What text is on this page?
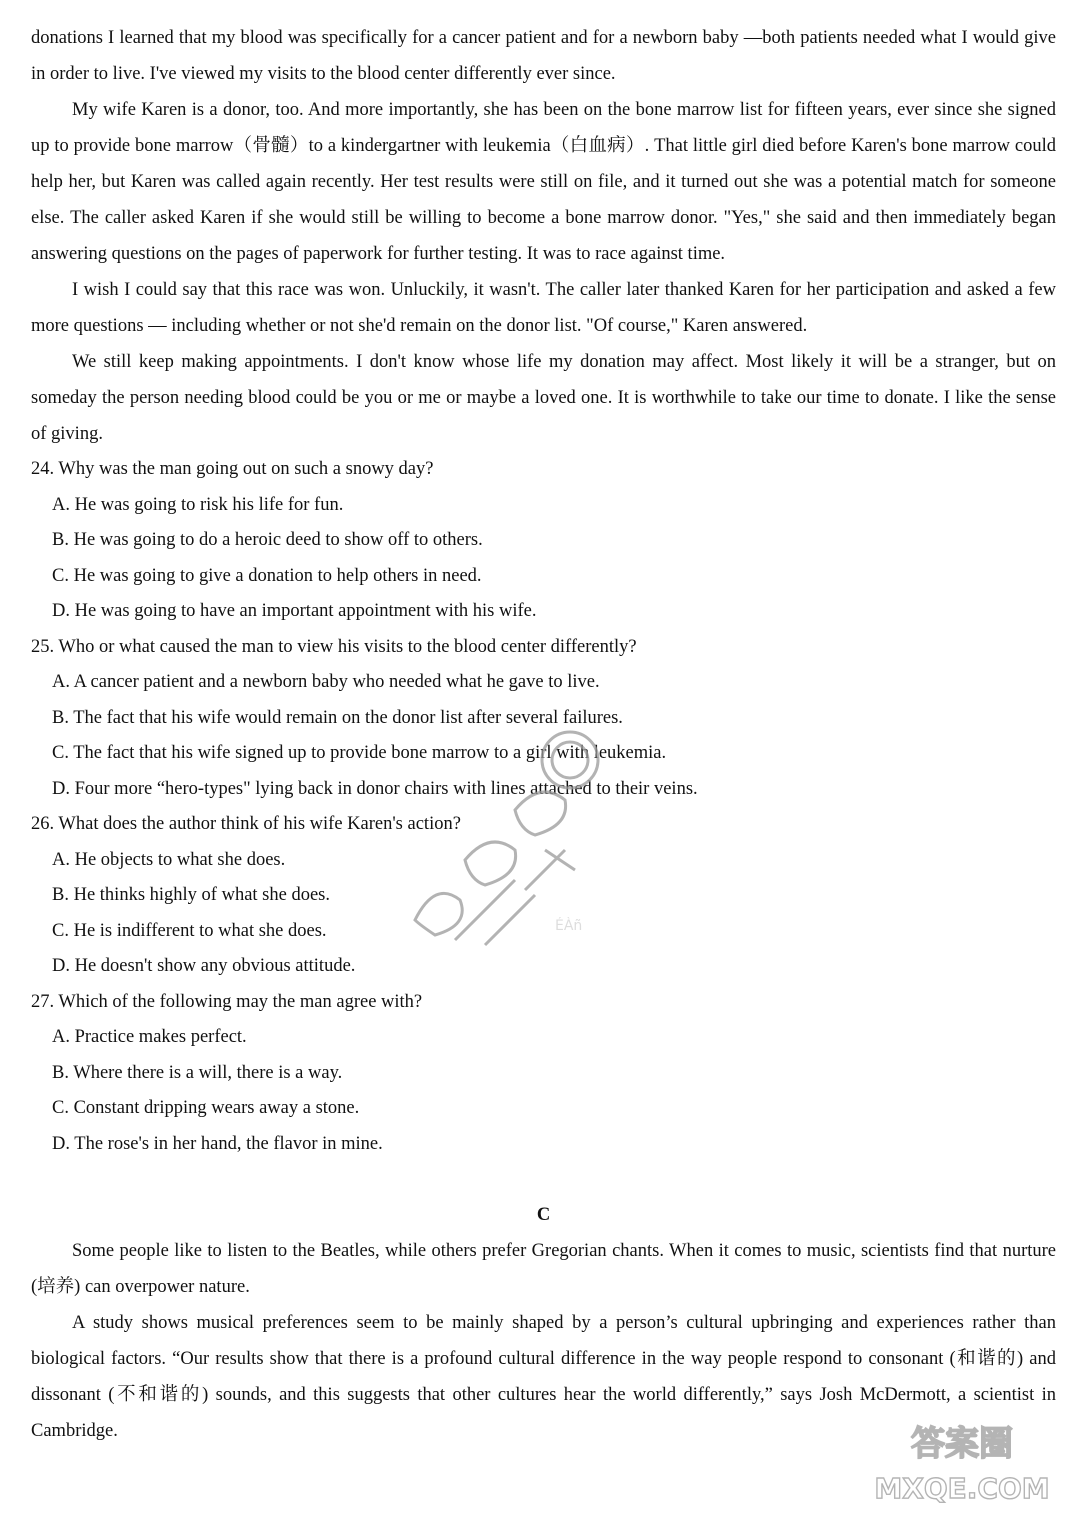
donations I learned that my blood was specifically for a cancer patient and for a newborn baby —both patients needed what I would give in order to live. I've viewed my visits to the blood center differently ever since.

My wife Karen is a donor, too. And more importantly, she has been on the bone marrow list for fifteen years, ever since she signed up to provide bone marrow（骨髓）to a kindergartner with leukemia（白血病）. That little girl died before Karen's bone marrow could help her, but Karen was called again recently. Her test results were still on file, and it turned out she was a potential match for someone else. The caller asked Karen if she would still be willing to become a bone marrow donor. "Yes," she said and then immediately began answering questions on the pages of paperwork for further testing. It was to race against time.

I wish I could say that this race was won. Unluckily, it wasn't. The caller later thanked Karen for her participation and asked a few more questions — including whether or not she'd remain on the donor list. "Of course," Karen answered.

We still keep making appointments. I don't know whose life my donation may affect. Most likely it will be a stranger, but on someday the person needing blood could be you or me or maybe a loved one. It is worthwhile to take our time to donate. I like the sense of giving.

24. Why was the man going out on such a snowy day?

A. He was going to risk his life for fun.

B. He was going to do a heroic deed to show off to others.

C. He was going to give a donation to help others in need.

D. He was going to have an important appointment with his wife.

25. Who or what caused the man to view his visits to the blood center differently?

A. A cancer patient and a newborn baby who needed what he gave to live.

B. The fact that his wife would remain on the donor list after several failures.

C. The fact that his wife signed up to provide bone marrow to a girl with leukemia.

D. Four more “hero-types" lying back in donor chairs with lines attached to their veins.

26. What does the author think of his wife Karen's action?

A. He objects to what she does.

B. He thinks highly of what she does.

C. He is indifferent to what she does.

D. He doesn't show any obvious attitude.

27. Which of the following may the man agree with?

A. Practice makes perfect.

B. Where there is a will, there is a way.

C. Constant dripping wears away a stone.

D. The rose's in her hand, the flavor in mine.

C

Some people like to listen to the Beatles, while others prefer Gregorian chants. When it comes to music, scientists find that nurture (培养) can overpower nature.

A study shows musical preferences seem to be mainly shaped by a person’s cultural upbringing and experiences rather than biological factors. “Our results show that there is a profound cultural difference in the way people respond to consonant (和谐的) and dissonant (不和谐的) sounds, and this suggests that other cultures hear the world differently,” says Josh McDermott, a scientist in Cambridge.

ÉÀñ
答案圈
MXQE.COM
